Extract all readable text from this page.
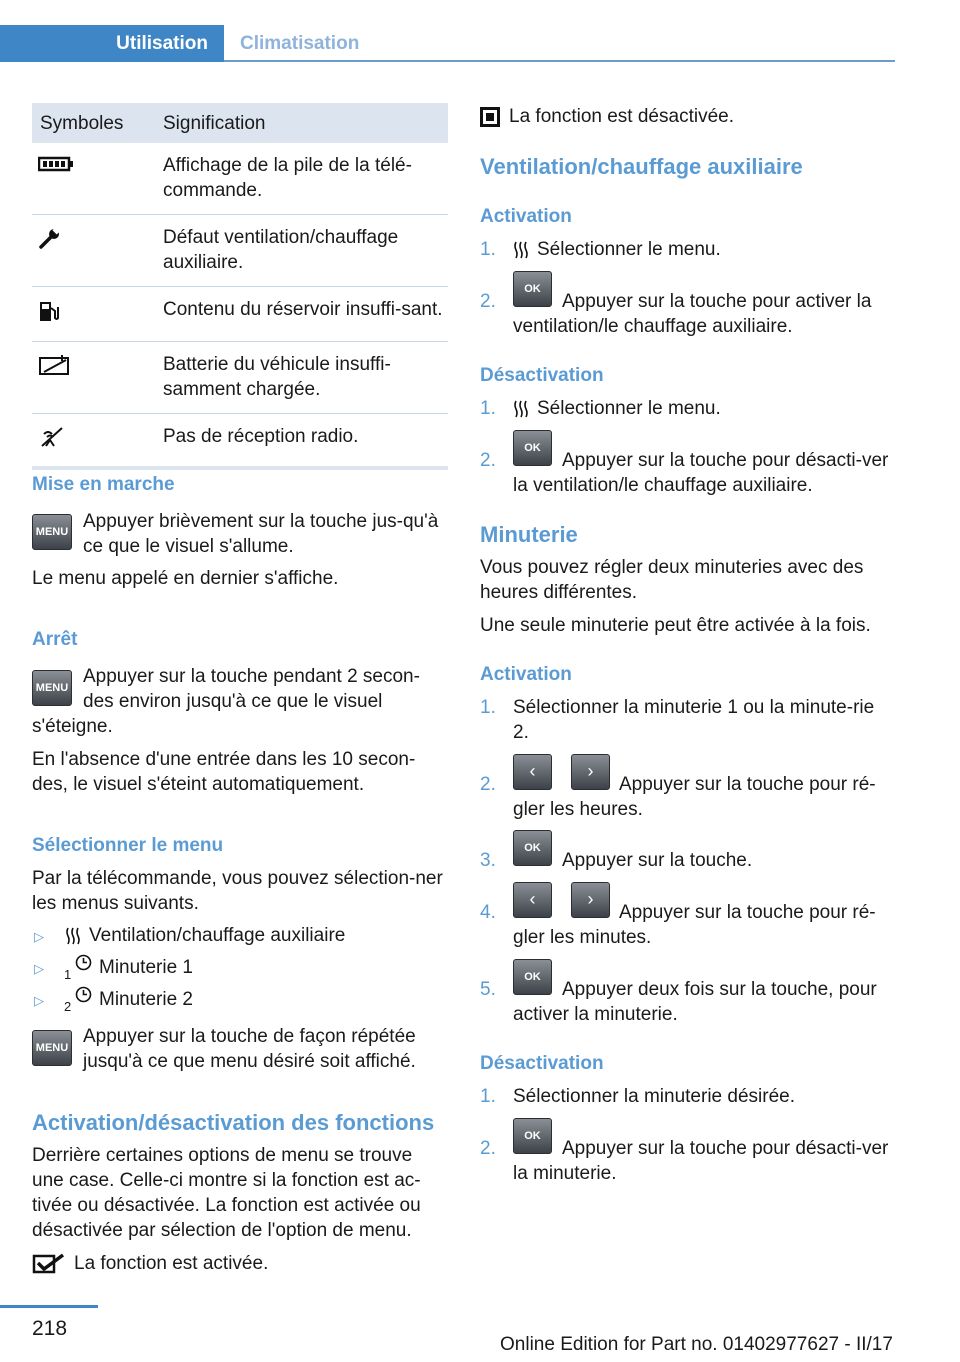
Utilisation	Climatisation
Symboles	Signification
Affichage de la pile de la télé-commande.
Défaut ventilation/chauffage auxiliaire.
Contenu du réservoir insuffi-sant.
Batterie du véhicule insuffi-samment chargée.
Pas de réception radio.
Mise en marche
MENU Appuyer brièvement sur la touche jus-qu'à ce que le visuel s'allume.
Le menu appelé en dernier s'affiche.
Arrêt
MENU
Appuyer sur la touche pendant 2 secon-
des environ jusqu'à ce que le visuel
s'éteigne.
En l'absence d'une entrée dans les 10 secon-des, le visuel s'éteint automatiquement.
Sélectionner le menu
Par la télécommande, vous pouvez sélection-ner les menus suivants.
▷ Ventilation/chauffage auxiliaire
▷ 1 Minuterie 1
▷ 2 Minuterie 2
MENU
Appuyer sur la touche de façon répétée jusqu'à ce que menu désiré soit affiché.
Activation/désactivation des fonctions
Derrière certaines options de menu se trouve une case. Celle-ci montre si la fonction est ac-tivée ou désactivée. La fonction est activée ou désactivée par sélection de l'option de menu.
La fonction est activée.
La fonction est désactivée.
Ventilation/chauffage auxiliaire
Activation
1. Sélectionner le menu.
2.
OK
Appuyer sur la touche pour activer la ventilation/le chauffage auxiliaire.
Désactivation
1. Sélectionner le menu.
2.
OK
Appuyer sur la touche pour désacti-ver la ventilation/le chauffage auxiliaire.
Minuterie
Vous pouvez régler deux minuteries avec des heures différentes.
Une seule minuterie peut être activée à la fois.
Activation
1. Sélectionner la minuterie 1 ou la minute-rie 2.
2.
‹	›
Appuyer sur la touche pour ré-gler les heures.
3.
OK
Appuyer sur la touche.
4.
‹	›
Appuyer sur la touche pour ré-gler les minutes.
5.
OK
Appuyer deux fois sur la touche, pour activer la minuterie.
Désactivation
1. Sélectionner la minuterie désirée.
2.
OK
Appuyer sur la touche pour désacti-ver la minuterie.
218
Online Edition for Part no. 01402977627 - II/17
